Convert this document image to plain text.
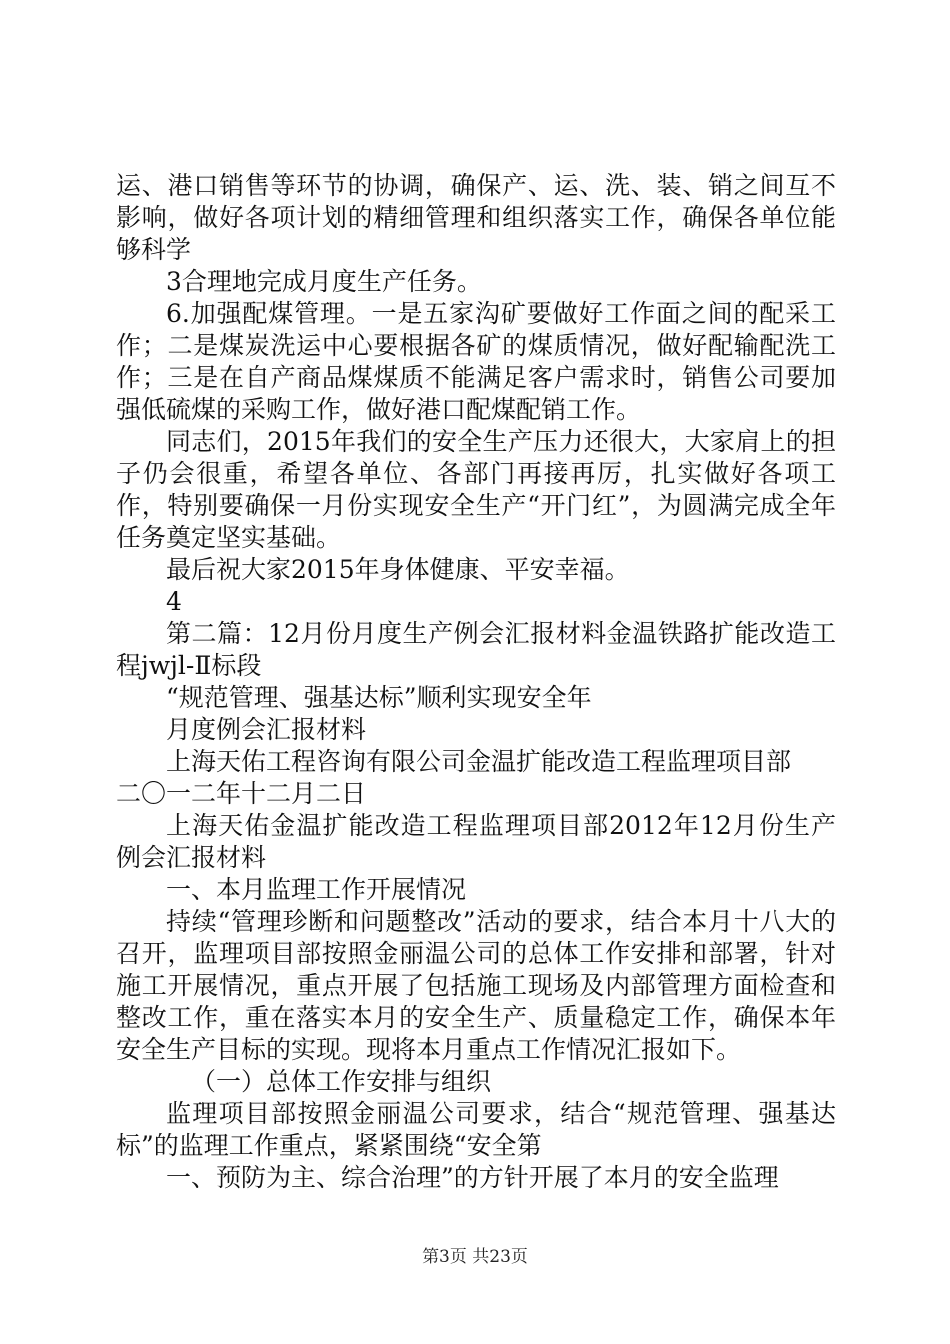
运、港口销售等环节的协调，确保产、运、洗、装、销之间互不影响，做好各项计划的精细管理和组织落实工作，确保各单位能够科学

3合理地完成月度生产任务。

6.加强配煤管理。一是五家沟矿要做好工作面之间的配采工作；二是煤炭洗运中心要根据各矿的煤质情况，做好配输配洗工作；三是在自产商品煤煤质不能满足客户需求时，销售公司要加强低硫煤的采购工作，做好港口配煤配销工作。

同志们，2015年我们的安全生产压力还很大，大家肩上的担子仍会很重，希望各单位、各部门再接再厉，扎实做好各项工作，特别要确保一月份实现安全生产“开门红”，为圆满完成全年任务奠定坚实基础。

最后祝大家2015年身体健康、平安幸福。

4

第二篇：12月份月度生产例会汇报材料金温铁路扩能改造工程jwjl-Ⅱ标段

“规范管理、强基达标”顺利实现安全年

月度例会汇报材料

上海天佑工程咨询有限公司金温扩能改造工程监理项目部

二〇一二年十二月二日

上海天佑金温扩能改造工程监理项目部2012年12月份生产例会汇报材料

一、本月监理工作开展情况

持续“管理珍断和问题整改”活动的要求，结合本月十八大的召开，监理项目部按照金丽温公司的总体工作安排和部署，针对施工开展情况，重点开展了包括施工现场及内部管理方面检查和整改工作，重在落实本月的安全生产、质量稳定工作，确保本年安全生产目标的实现。现将本月重点工作情况汇报如下。

（一）总体工作安排与组织

监理项目部按照金丽温公司要求，结合“规范管理、强基达标”的监理工作重点，紧紧围绕“安全第

一、预防为主、综合治理”的方针开展了本月的安全监理

第3页 共23页
